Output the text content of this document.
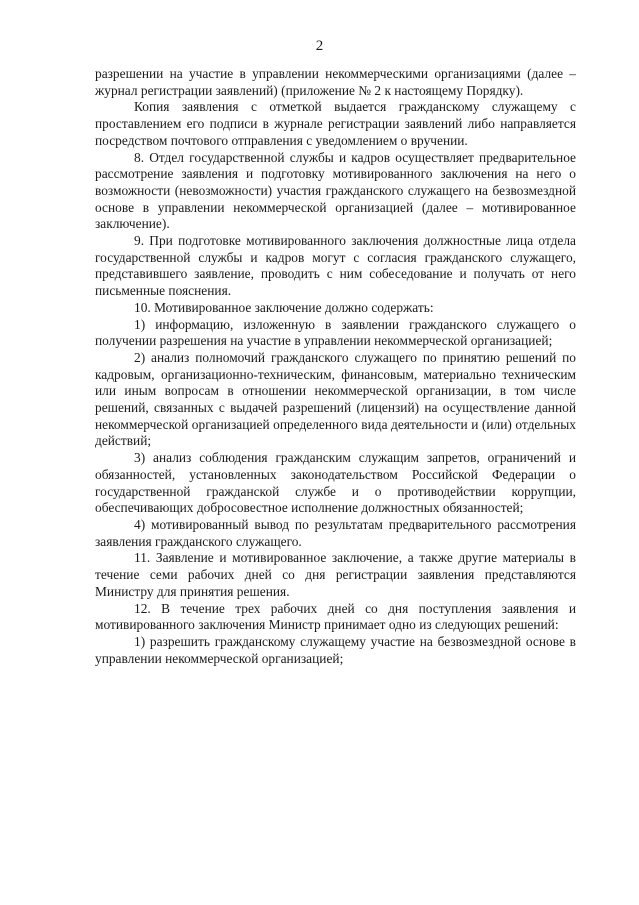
2

разрешении на участие в управлении некоммерческими организациями (далее – журнал регистрации заявлений) (приложение № 2 к настоящему Порядку).

Копия заявления с отметкой выдается гражданскому служащему с проставлением его подписи в журнале регистрации заявлений либо направляется посредством почтового отправления с уведомлением о вручении.

8. Отдел государственной службы и кадров осуществляет предварительное рассмотрение заявления и подготовку мотивированного заключения на него о возможности (невозможности) участия гражданского служащего на безвозмездной основе в управлении некоммерческой организацией (далее – мотивированное заключение).

9. При подготовке мотивированного заключения должностные лица отдела государственной службы и кадров могут с согласия гражданского служащего, представившего заявление, проводить с ним собеседование и получать от него письменные пояснения.

10. Мотивированное заключение должно содержать:

1) информацию, изложенную в заявлении гражданского служащего о получении разрешения на участие в управлении некоммерческой организацией;

2) анализ полномочий гражданского служащего по принятию решений по кадровым, организационно-техническим, финансовым, материально техническим или иным вопросам в отношении некоммерческой организации, в том числе решений, связанных с выдачей разрешений (лицензий) на осуществление данной некоммерческой организацией определенного вида деятельности и (или) отдельных действий;

3) анализ соблюдения гражданским служащим запретов, ограничений и обязанностей, установленных законодательством Российской Федерации о государственной гражданской службе и о противодействии коррупции, обеспечивающих добросовестное исполнение должностных обязанностей;

4) мотивированный вывод по результатам предварительного рассмотрения заявления гражданского служащего.

11. Заявление и мотивированное заключение, а также другие материалы в течение семи рабочих дней со дня регистрации заявления представляются Министру для принятия решения.

12. В течение трех рабочих дней со дня поступления заявления и мотивированного заключения Министр принимает одно из следующих решений:

1) разрешить гражданскому служащему участие на безвозмездной основе в управлении некоммерческой организацией;
